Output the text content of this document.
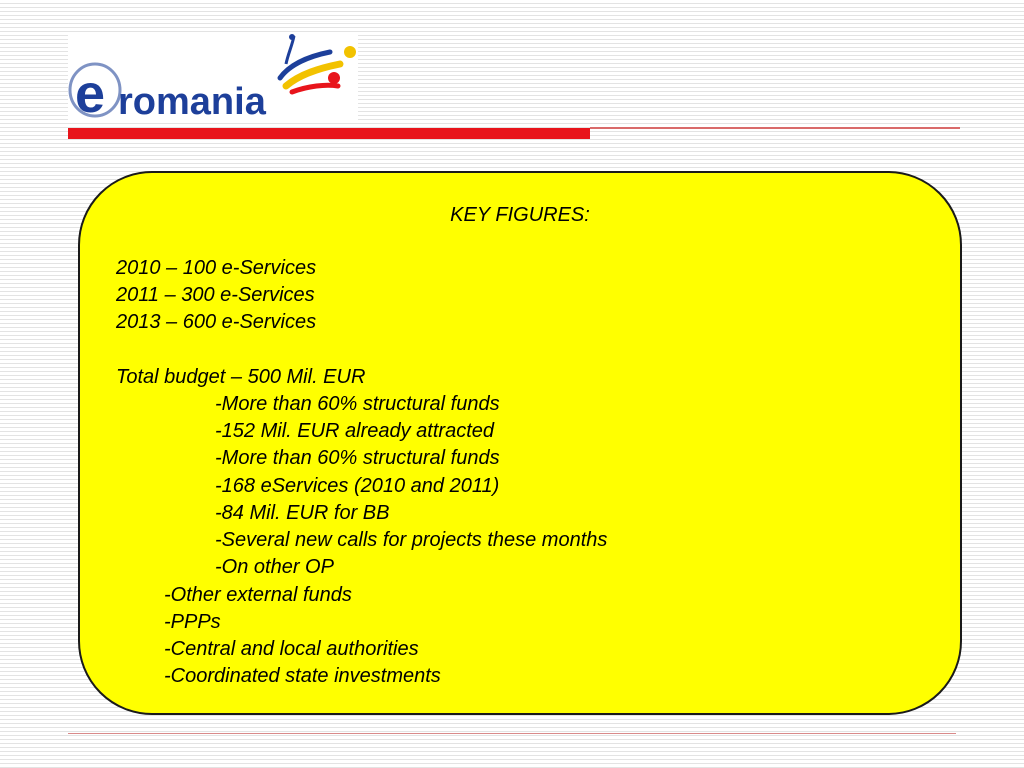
e romania
KEY FIGURES:
2010 – 100 e-Services
2011 – 300 e-Services
2013 – 600 e-Services
Total budget – 500 Mil. EUR
-More than 60% structural funds
-152 Mil. EUR already attracted
-More than 60% structural funds
-168 eServices (2010 and 2011)
-84 Mil. EUR for BB
-Several new calls for projects these months
-On other OP
-Other external funds
-PPPs
-Central and local authorities
-Coordinated state investments
